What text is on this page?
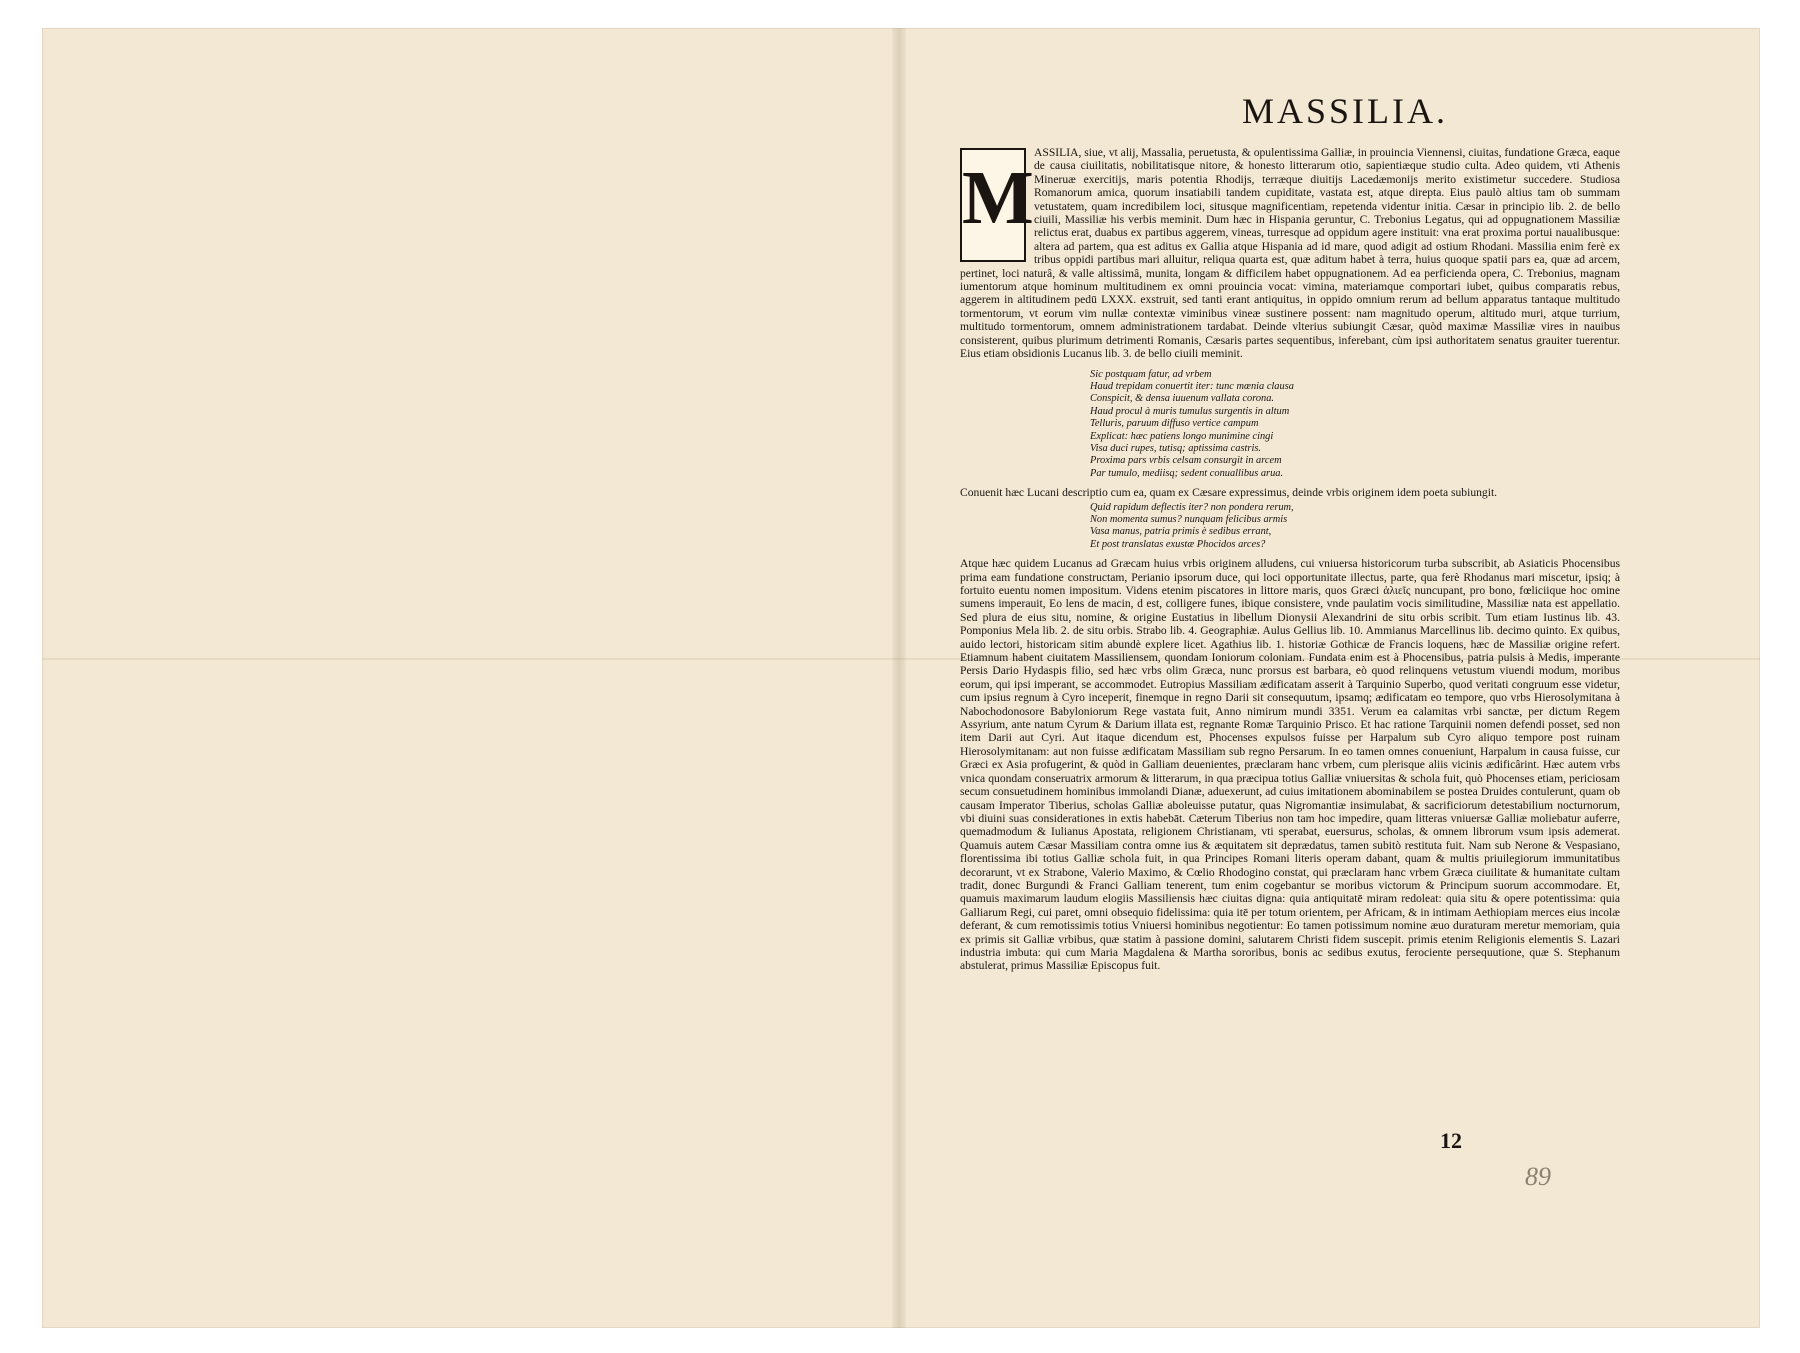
MASSILIA.
M

ASSILIA, siue, vt alij, Massalia, peruetusta, & opulentissima Galliæ, in prouincia Viennensi, ciuitas, fundatione Græca, eaque de causa ciuilitatis, nobilitatisque nitore, & honesto litterarum otio, sapientiæque studio culta. Adeo quidem, vti Athenis Mineruæ exercitijs, maris potentia Rhodijs, terræque diuitijs Lacedæmonijs merito existimetur succedere. Studiosa Romanorum amica, quorum insatiabili tandem cupiditate, vastata est, atque direpta. Eius paulò altius tam ob summam vetustatem, quam incredibilem loci, situsque magnificentiam, repetenda videntur initia. Cæsar in principio lib. 2. de bello ciuili, Massiliæ his verbis meminit. Dum hæc in Hispania geruntur, C. Trebonius Legatus, qui ad oppugnationem Massiliæ relictus erat, duabus ex partibus aggerem, vineas, turresque ad oppidum agere instituit: vna erat proxima portui naualibusque: altera ad partem, qua est aditus ex Gallia atque Hispania ad id mare, quod adigit ad ostium Rhodani. Massilia enim ferè ex tribus oppidi partibus mari alluitur, reliqua quarta est, quæ aditum habet à terra, huius quoque spatii pars ea, quæ ad arcem, pertinet, loci naturâ, & valle altissimâ, munita, longam & difficilem habet oppugnationem. Ad ea perficienda opera, C. Trebonius, magnam iumentorum atque hominum multitudinem ex omni prouincia vocat: vimina, materiamque comportari iubet, quibus comparatis rebus, aggerem in altitudinem pedū LXXX. exstruit, sed tanti erant antiquitus, in oppido omnium rerum ad bellum apparatus tantaque multitudo tormentorum, vt eorum vim nullæ contextæ viminibus vineæ sustinere possent: nam magnitudo operum, altitudo muri, atque turrium, multitudo tormentorum, omnem administrationem tardabat. Deinde vlterius subiungit Cæsar, quòd maximæ Massiliæ vires in nauibus consisterent, quibus plurimum detrimenti Romanis, Cæsaris partes sequentibus, inferebant, cùm ipsi authoritatem senatus grauiter tuerentur. Eius etiam obsidionis Lucanus lib. 3. de bello ciuili meminit.

Sic postquam fatur, ad vrbem
Haud trepidam conuertit iter: tunc mœnia clausa
Conspicit, & densa iuuenum vallata corona.
Haud procul à muris tumulus surgentis in altum
Telluris, paruum diffuso vertice campum
Explicat: hæc patiens longo munimine cingi
Visa duci rupes, tutisq; aptissima castris.
Proxima pars vrbis celsam consurgit in arcem
Par tumulo, mediisq; sedent conuallibus arua.

Conuenit hæc Lucani descriptio cum ea, quam ex Cæsare expressimus, deinde vrbis originem idem poeta subiungit.

Quid rapidum deflectis iter? non pondera rerum,
Non momenta sumus? nunquam felicibus armis
Vasa manus, patria primis è sedibus errant,
Et post translatas exustæ Phocidos arces?

Atque hæc quidem Lucanus ad Græcam huius vrbis originem alludens, cui vniuersa historicorum turba subscribit, ab Asiaticis Phocensibus prima eam fundatione constructam, Perianio ipsorum duce, qui loci opportunitate illectus, parte, qua ferè Rhodanus mari miscetur, ipsiq; à fortuito euentu nomen impositum. Videns etenim piscatores in littore maris, quos Græci ἁλιεῖς nuncupant, pro bono, fœliciique hoc omine sumens imperauit, Eo lens de macin, d est, colligere funes, ibique consistere, vnde paulatim vocis similitudine, Massiliæ nata est appellatio. Sed plura de eius situ, nomine, & origine Eustatius in libellum Dionysii Alexandrini de situ orbis scribit. Tum etiam Iustinus lib. 43. Pomponius Mela lib. 2. de situ orbis. Strabo lib. 4. Geographiæ. Aulus Gellius lib. 10. Ammianus Marcellinus lib. decimo quinto. Ex quibus, auido lectori, historicam sitim abundè explere licet. Agathius lib. 1. historiæ Gothicæ de Francis loquens, hæc de Massiliæ origine refert. Etiamnum habent ciuitatem Massiliensem, quondam Ioniorum coloniam. Fundata enim est à Phocensibus, patria pulsis à Medis, imperante Persis Dario Hydaspis filio, sed hæc vrbs olim Græca, nunc prorsus est barbara, eò quod relinquens vetustum viuendi modum, moribus eorum, qui ipsi imperant, se accommodet. Eutropius Massiliam ædificatam asserit à Tarquinio Superbo, quod veritati congruum esse videtur, cum ipsius regnum à Cyro inceperit, finemque in regno Darii sit consequutum, ipsamq; ædificatam eo tempore, quo vrbs Hierosolymitana à Nabochodonosore Babyloniorum Rege vastata fuit, Anno nimirum mundi 3351. Verum ea calamitas vrbi sanctæ, per dictum Regem Assyrium, ante natum Cyrum & Darium illata est, regnante Romæ Tarquinio Prisco. Et hac ratione Tarquinii nomen defendi posset, sed non item Darii aut Cyri. Aut itaque dicendum est, Phocenses expulsos fuisse per Harpalum sub Cyro aliquo tempore post ruinam Hierosolymitanam: aut non fuisse ædificatam Massiliam sub regno Persarum. In eo tamen omnes conueniunt, Harpalum in causa fuisse, cur Græci ex Asia profugerint, & quòd in Galliam deuenientes, præclaram hanc vrbem, cum plerisque aliis vicinis ædificârint. Hæc autem vrbs vnica quondam conseruatrix armorum & litterarum, in qua præcipua totius Galliæ vniuersitas & schola fuit, quò Phocenses etiam, periciosam secum consuetudinem hominibus immolandi Dianæ, aduexerunt, ad cuius imitationem abominabilem se postea Druides contulerunt, quam ob causam Imperator Tiberius, scholas Galliæ aboleuisse putatur, quas Nigromantiæ insimulabat, & sacrificiorum detestabilium nocturnorum, vbi diuini suas considerationes in extis habebāt. Cæterum Tiberius non tam hoc impedire, quam litteras vniuersæ Galliæ moliebatur auferre, quemadmodum & Iulianus Apostata, religionem Christianam, vti sperabat, euersurus, scholas, & omnem librorum vsum ipsis ademerat. Quamuis autem Cæsar Massiliam contra omne ius & æquitatem sit deprædatus, tamen subitò restituta fuit. Nam sub Nerone & Vespasiano, florentissima ibi totius Galliæ schola fuit, in qua Principes Romani literis operam dabant, quam & multis priuilegiorum immunitatibus decorarunt, vt ex Strabone, Valerio Maximo, & Cœlio Rhodogino constat, qui præclaram hanc vrbem Græca ciuilitate & humanitate cultam tradit, donec Burgundi & Franci Galliam tenerent, tum enim cogebantur se moribus victorum & Principum suorum accommodare. Et, quamuis maximarum laudum elogiis Massiliensis hæc ciuitas digna: quia antiquitatē miram redoleat: quia situ & opere potentissima: quia Galliarum Regi, cui paret, omni obsequio fidelissima: quia itē per totum orientem, per Africam, & in intimam Aethiopiam merces eius incolæ deferant, & cum remotissimis totius Vniuersi hominibus negotientur: Eo tamen potissimum nomine æuo duraturam meretur memoriam, quia ex primis sit Galliæ vrbibus, quæ statim à passione domini, salutarem Christi fidem suscepit. primis etenim Religionis elementis S. Lazari industria imbuta: qui cum Maria Magdalena & Martha sororibus, bonis ac sedibus exutus, ferociente persequutione, quæ S. Stephanum abstulerat, primus Massiliæ Episcopus fuit.

12
89
